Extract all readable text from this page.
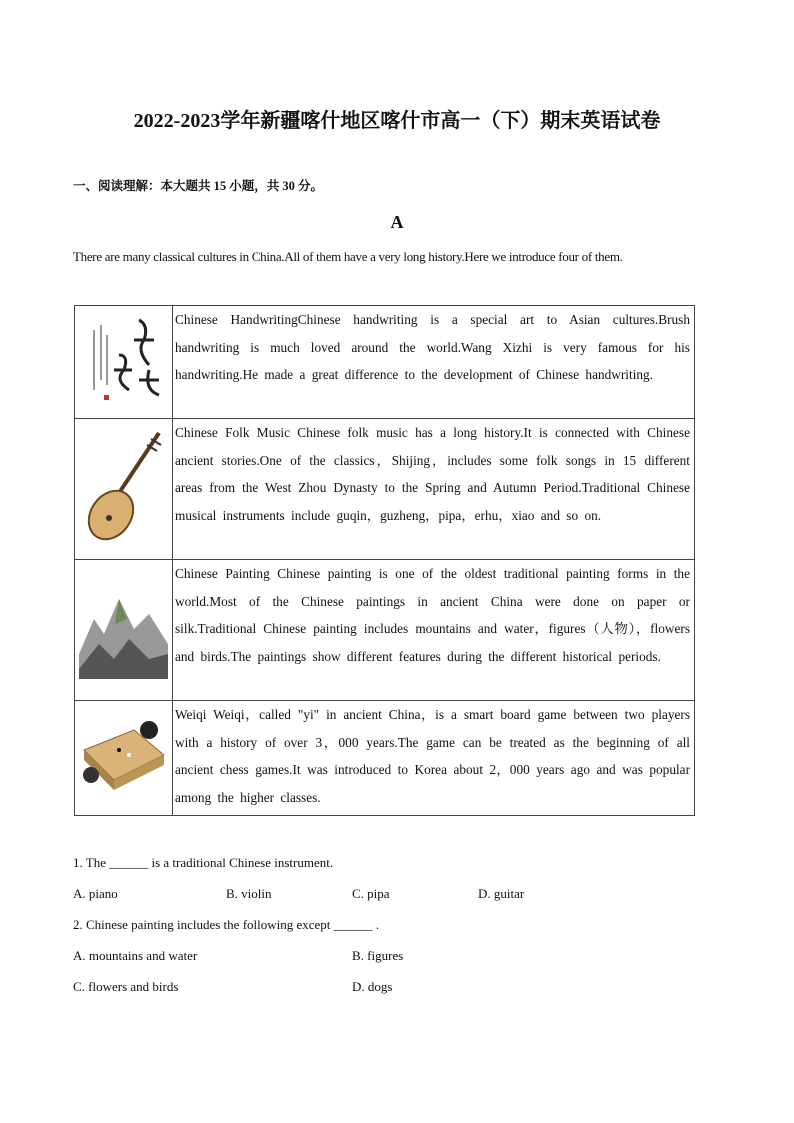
2022-2023学年新疆喀什地区喀什市高一（下）期末英语试卷
一、阅读理解：本大题共 15 小题，共 30 分。
A
There are many classical cultures in China.All of them have a very long history.Here we introduce four of them.
	Chinese HandwritingChinese handwriting is a special art to Asian cultures.Brush handwriting is much loved around the world.Wang Xizhi is very famous for his handwriting.He made a great difference to the development of Chinese handwriting.

	Chinese Folk Music Chinese folk music has a long history.It is connected with Chinese ancient stories.One of the classics，Shijing，includes some folk songs in 15 different areas from the West Zhou Dynasty to the Spring and Autumn Period.Traditional Chinese musical instruments include guqin，guzheng，pipa，erhu，xiao and so on.

	Chinese Painting Chinese painting is one of the oldest traditional painting forms in the world.Most of the Chinese paintings in ancient China were done on paper or silk.Traditional Chinese painting includes mountains and water，figures（人物），flowers and birds.The paintings show different features during the different historical periods.

	Weiqi Weiqi，called "yi" in ancient China，is a smart board game between two players with a history of over 3，000 years.The game can be treated as the beginning of all ancient chess games.It was introduced to Korea about 2，000 years ago and was popular among the higher classes.
1. The ______ is a traditional Chinese instrument.
A. piano	B. violin	C. pipa	D. guitar
2. Chinese painting includes the following except ______ .
A. mountains and water	B. figures
C. flowers and birds	D. dogs
